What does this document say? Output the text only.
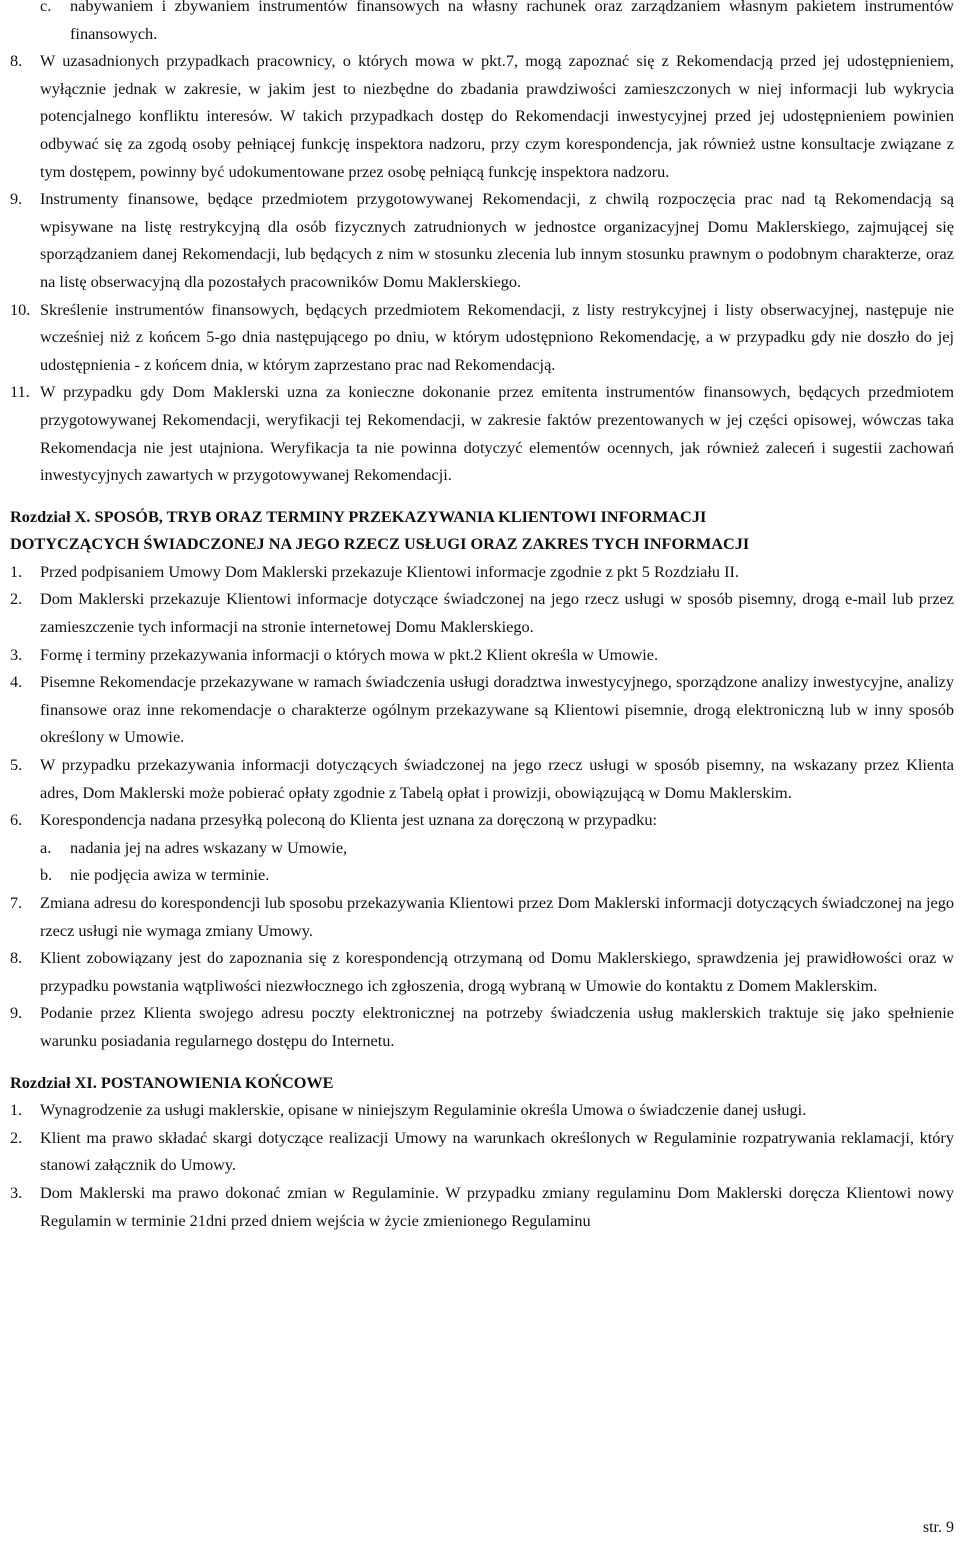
c. nabywaniem i zbywaniem instrumentów finansowych na własny rachunek oraz zarządzaniem własnym pakietem instrumentów finansowych.
8. W uzasadnionych przypadkach pracownicy, o których mowa w pkt.7, mogą zapoznać się z Rekomendacją przed jej udostępnieniem, wyłącznie jednak w zakresie, w jakim jest to niezbędne do zbadania prawdziwości zamieszczonych w niej informacji lub wykrycia potencjalnego konfliktu interesów. W takich przypadkach dostęp do Rekomendacji inwestycyjnej przed jej udostępnieniem powinien odbywać się za zgodą osoby pełniącej funkcję inspektora nadzoru, przy czym korespondencja, jak również ustne konsultacje związane z tym dostępem, powinny być udokumentowane przez osobę pełniącą funkcję inspektora nadzoru.
9. Instrumenty finansowe, będące przedmiotem przygotowywanej Rekomendacji, z chwilą rozpoczęcia prac nad tą Rekomendacją są wpisywane na listę restrykcyjną dla osób fizycznych zatrudnionych w jednostce organizacyjnej Domu Maklerskiego, zajmującej się sporządzaniem danej Rekomendacji, lub będących z nim w stosunku zlecenia lub innym stosunku prawnym o podobnym charakterze, oraz na listę obserwacyjną dla pozostałych pracowników Domu Maklerskiego.
10. Skreślenie instrumentów finansowych, będących przedmiotem Rekomendacji, z listy restrykcyjnej i listy obserwacyjnej, następuje nie wcześniej niż z końcem 5-go dnia następującego po dniu, w którym udostępniono Rekomendację, a w przypadku gdy nie doszło do jej udostępnienia - z końcem dnia, w którym zaprzestano prac nad Rekomendacją.
11. W przypadku gdy Dom Maklerski uzna za konieczne dokonanie przez emitenta instrumentów finansowych, będących przedmiotem przygotowywanej Rekomendacji, weryfikacji tej Rekomendacji, w zakresie faktów prezentowanych w jej części opisowej, wówczas taka Rekomendacja nie jest utajniona. Weryfikacja ta nie powinna dotyczyć elementów ocennych, jak również zaleceń i sugestii zachowań inwestycyjnych zawartych w przygotowywanej Rekomendacji.
Rozdział X. SPOSÓB, TRYB ORAZ TERMINY PRZEKAZYWANIA KLIENTOWI INFORMACJI
DOTYCZĄCYCH ŚWIADCZONEJ NA JEGO RZECZ USŁUGI ORAZ ZAKRES TYCH INFORMACJI
1. Przed podpisaniem Umowy Dom Maklerski przekazuje Klientowi informacje zgodnie z pkt 5 Rozdziału II.
2. Dom Maklerski przekazuje Klientowi informacje dotyczące świadczonej na jego rzecz usługi w sposób pisemny, drogą e-mail lub przez zamieszczenie tych informacji na stronie internetowej Domu Maklerskiego.
3. Formę i terminy przekazywania informacji o których mowa w pkt.2 Klient określa w Umowie.
4. Pisemne Rekomendacje przekazywane w ramach świadczenia usługi doradztwa inwestycyjnego, sporządzone analizy inwestycyjne, analizy finansowe oraz inne rekomendacje o charakterze ogólnym przekazywane są Klientowi pisemnie, drogą elektroniczną lub w inny sposób określony w Umowie.
5. W przypadku przekazywania informacji dotyczących świadczonej na jego rzecz usługi w sposób pisemny, na wskazany przez Klienta adres, Dom Maklerski może pobierać opłaty zgodnie z Tabelą opłat i prowizji, obowiązującą w Domu Maklerskim.
6. Korespondencja nadana przesyłką poleconą do Klienta jest uznana za doręczoną w przypadku:
a. nadania jej na adres wskazany w Umowie,
b. nie podjęcia awiza w terminie.
7. Zmiana adresu do korespondencji lub sposobu przekazywania Klientowi przez Dom Maklerski informacji dotyczących świadczonej na jego rzecz usługi nie wymaga zmiany Umowy.
8. Klient zobowiązany jest do zapoznania się z korespondencją otrzymaną od Domu Maklerskiego, sprawdzenia jej prawidłowości oraz w przypadku powstania wątpliwości niezwłocznego ich zgłoszenia, drogą wybraną w Umowie do kontaktu z Domem Maklerskim.
9. Podanie przez Klienta swojego adresu poczty elektronicznej na potrzeby świadczenia usług maklerskich traktuje się jako spełnienie warunku posiadania regularnego dostępu do Internetu.
Rozdział XI. POSTANOWIENIA KOŃCOWE
1. Wynagrodzenie za usługi maklerskie, opisane w niniejszym Regulaminie określa Umowa o świadczenie danej usługi.
2. Klient ma prawo składać skargi dotyczące realizacji Umowy na warunkach określonych w Regulaminie rozpatrywania reklamacji, który stanowi załącznik do Umowy.
3. Dom Maklerski ma prawo dokonać zmian w Regulaminie. W przypadku zmiany regulaminu Dom Maklerski doręcza Klientowi nowy Regulamin w terminie 21dni przed dniem wejścia w życie zmienionego Regulaminu
str. 9
